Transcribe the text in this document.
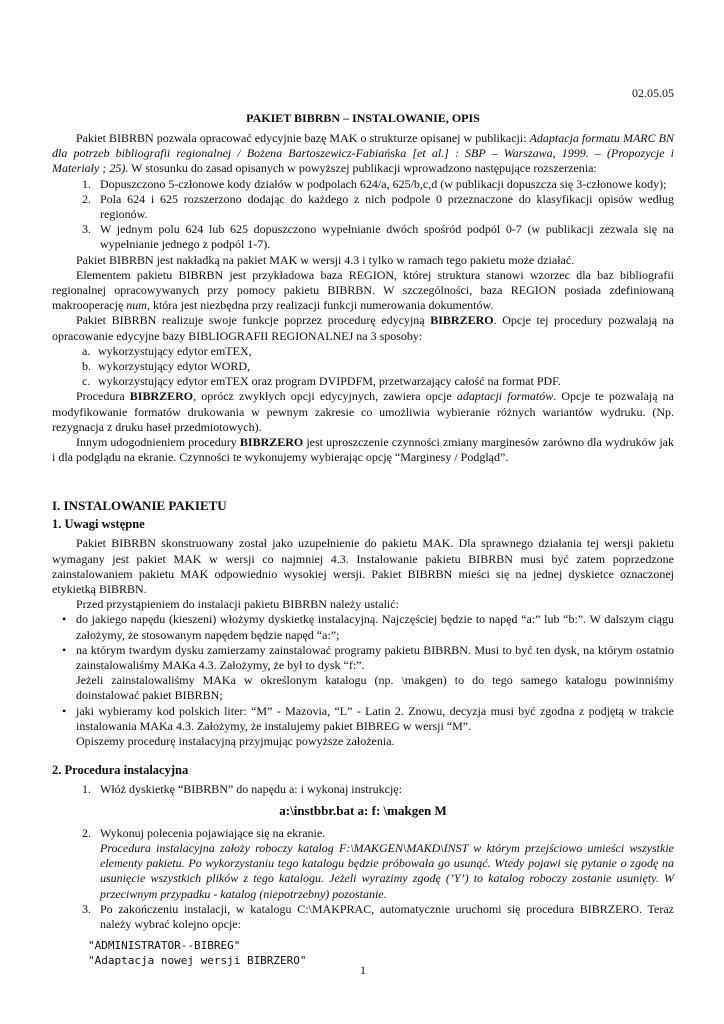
02.05.05
PAKIET BIBRBN – INSTALOWANIE, OPIS

Pakiet BIBRBN pozwala opracować edycyjnie bazę MAK o strukturze opisanej w publikacji: Adaptacja formatu MARC BN dla potrzeb bibliografii regionalnej / Bożena Bartoszewicz-Fabiańska [et al.] : SBP – Warszawa, 1999. – (Propozycje i Materiały ; 25). W stosunku do zasad opisanych w powyższej publikacji wprowadzono następujące rozszerzenia:

1. Dopuszczono 5-członowe kody działów w podpolach 624/a, 625/b,c,d (w publikacji dopuszcza się 3-członowe kody);
2. Pola 624 i 625 rozszerzono dodając do każdego z nich podpole 0 przeznaczone do klasyfikacji opisów według regionów.
3. W jednym polu 624 lub 625 dopuszczono wypełnianie dwóch spośród podpól 0-7 (w publikacji zezwala się na wypełnianie jednego z podpól 1-7).

Pakiet BIBRBN jest nakładką na pakiet MAK w wersji 4.3 i tylko w ramach tego pakietu może działać.

Elementem pakietu BIBRBN jest przykładowa baza REGION, której struktura stanowi wzorzec dla baz bibliografii regionalnej opracowywanych przy pomocy pakietu BIBRBN. W szczególności, baza REGION posiada zdefiniowaną makrooperację num, która jest niezbędna przy realizacji funkcji numerowania dokumentów.

Pakiet BIBRBN realizuje swoje funkcje poprzez procedurę edycyjną BIBRZERO. Opcje tej procedury pozwalają na opracowanie edycyjne bazy BIBLIOGRAFII REGIONALNEJ na 3 sposoby:

a. wykorzystujący edytor emTEX,
b. wykorzystujący edytor WORD,
c. wykorzystujący edytor emTEX oraz program DVIPDFM, przetwarzający całość na format PDF.

Procedura BIBRZERO, oprócz zwykłych opcji edycyjnych, zawiera opcje adaptacji formatów. Opcje te pozwalają na modyfikowanie formatów drukowania w pewnym zakresie co umożliwia wybieranie różnych wariantów wydruku. (Np. rezygnacja z druku haseł przedmiotowych).

Innym udogodnieniem procedury BIBRZERO jest uproszczenie czynności zmiany marginesów zarówno dla wydruków jak i dla podglądu na ekranie. Czynności te wykonujemy wybierając opcję “Marginesy / Podgląd”.

I. INSTALOWANIE PAKIETU
1. Uwagi wstępne

Pakiet BIBRBN skonstruowany został jako uzupełnienie do pakietu MAK. Dla sprawnego działania tej wersji pakietu wymagany jest pakiet MAK w wersji co najmniej 4.3. Instalowanie pakietu BIBRBN musi być zatem poprzedzone zainstalowaniem pakietu MAK odpowiednio wysokiej wersji. Pakiet BIBRBN mieści się na jednej dyskietce oznaczonej etykietką BIBRBN.

Przed przystąpieniem do instalacji pakietu BIBRBN należy ustalić:

• do jakiego napędu (kieszeni) włożymy dyskietkę instalacyjną. Najczęściej będzie to napęd “a:” lub “b:”. W dalszym ciągu założymy, że stosowanym napędem będzie napęd “a:”;
• na którym twardym dysku zamierzamy zainstalować programy pakietu BIBRBN. Musi to być ten dysk, na którym ostatnio zainstalowaliśmy MAKa 4.3. Założymy, że był to dysk “f:”.
Jeżeli zainstalowaliśmy MAKa w określonym katalogu (np. \makgen) to do tego samego katalogu powinniśmy doinstalować pakiet BIBRBN;
• jaki wybieramy kod polskich liter: “M” - Mazovia, “L” - Latin 2. Znowu, decyzja musi być zgodna z podjętą w trakcie instalowania MAKa 4.3. Założymy, że instalujemy pakiet BIBREG w wersji “M”.

Opiszemy procedurę instalacyjną przyjmując powyższe założenia.

2. Procedura instalacyjna
1. Włóż dyskietkę “BIBRBN” do napędu a: i wykonaj instrukcję:
a:\instbbr.bat a: f: \makgen M
2. Wykonuj polecenia pojawiające się na ekranie.
Procedura instalacyjna założy roboczy katalog F:\MAKGEN\MAKD\INST w którym przejściowo umieści wszystkie elementy pakietu. Po wykorzystaniu tego katalogu będzie próbowała go usunąć. Wtedy pojawi się pytanie o zgodę na usunięcie wszystkich plików z tego katalogu. Jeżeli wyrazimy zgodę (’Y’) to katalog roboczy zostanie usunięty. W przeciwnym przypadku - katalog (niepotrzebny) pozostanie.
3. Po zakończeniu instalacji, w katalogu C:\MAKPRAC, automatycznie uruchomi się procedura BIBRZERO. Teraz należy wybrać kolejno opcje:
"ADMINISTRATOR--BIBREG"
"Adaptacja nowej wersji BIBRZERO"
1
